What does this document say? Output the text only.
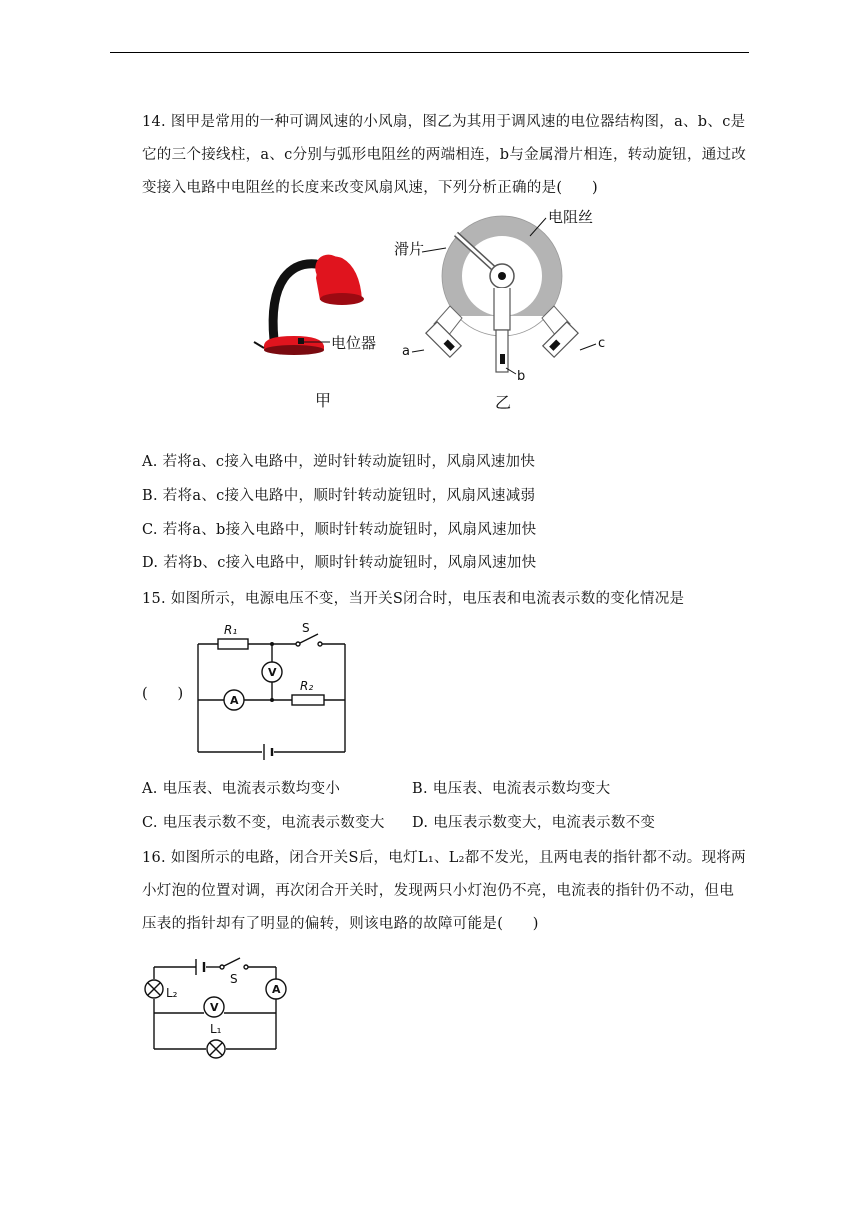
14. 图甲是常用的一种可调风速的小风扇，图乙为其用于调风速的电位器结构图，a、b、c是
它的三个接线柱，a、c分别与弧形电阻丝的两端相连，b与金属滑片相连，转动旋钮，通过改
变接入电路中电阻丝的长度来改变风扇风速，下列分析正确的是(　　)
电位器
甲
电阻丝
滑片
a
b
c
乙
A. 若将a、c接入电路中，逆时针转动旋钮时，风扇风速加快
B. 若将a、c接入电路中，顺时针转动旋钮时，风扇风速减弱
C. 若将a、b接入电路中，顺时针转动旋钮时，风扇风速加快
D. 若将b、c接入电路中，顺时针转动旋钮时，风扇风速加快
15. 如图所示，电源电压不变，当开关S闭合时，电压表和电流表示数的变化情况是
(　　)
R₁	S
V
A
R₂
A. 电压表、电流表示数均变小	B. 电压表、电流表示数均变大
C. 电压表示数不变，电流表示数变大 D. 电压表示数变大，电流表示数不变
16. 如图所示的电路，闭合开关S后，电灯L₁、L₂都不发光，且两电表的指针都不动。现将两
小灯泡的位置对调，再次闭合开关时，发现两只小灯泡仍不亮，电流表的指针仍不动，但电
压表的指针却有了明显的偏转，则该电路的故障可能是(　　)
S
L₂
V
A
L₁
